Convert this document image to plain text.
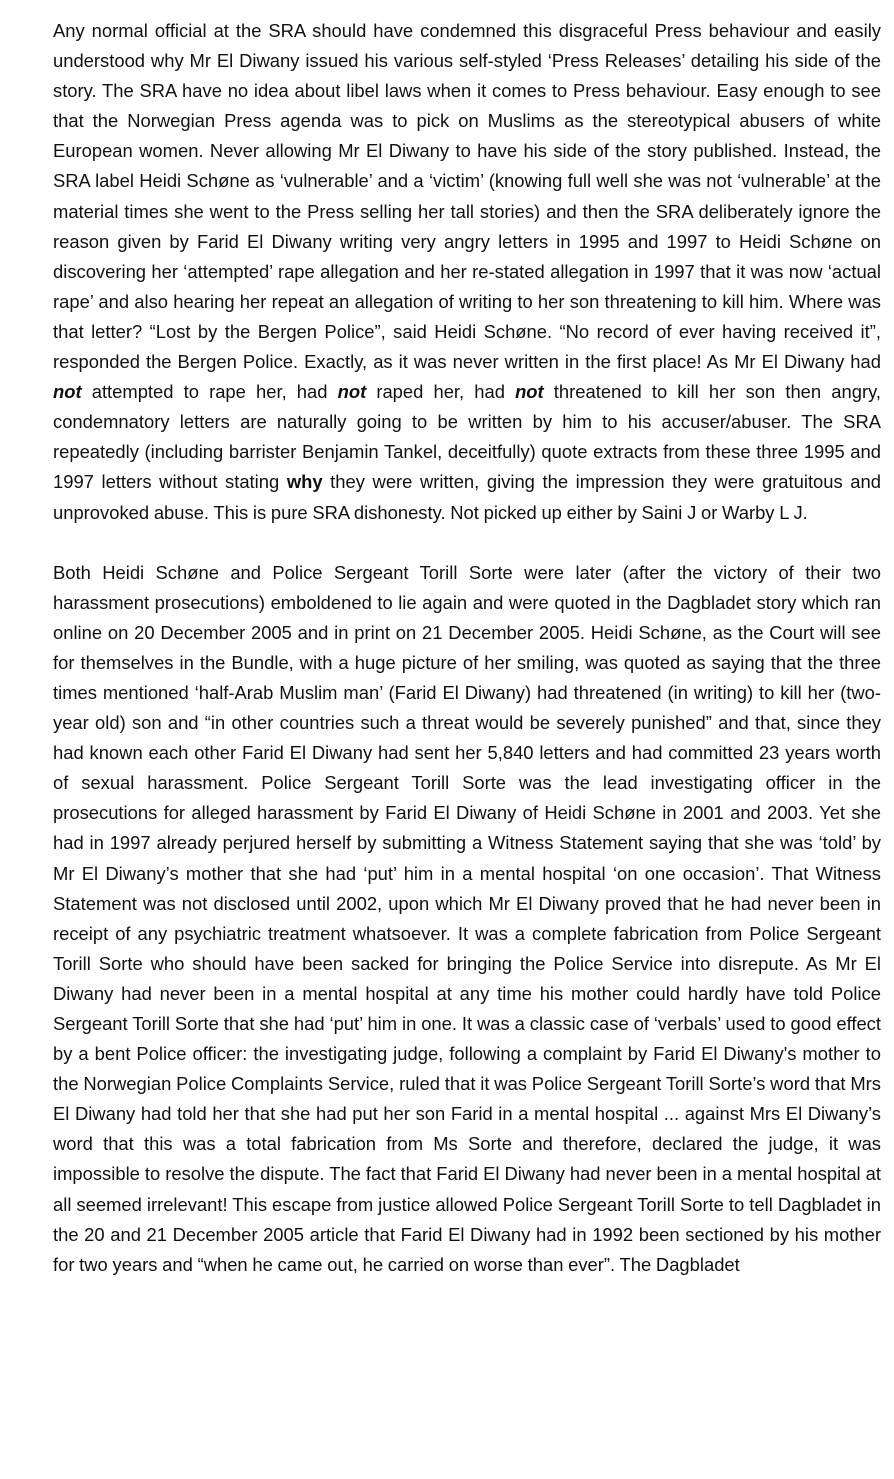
Any normal official at the SRA should have condemned this disgraceful Press behaviour and easily understood why Mr El Diwany issued his various self-styled ‘Press Releases’ detailing his side of the story. The SRA have no idea about libel laws when it comes to Press behaviour. Easy enough to see that the Norwegian Press agenda was to pick on Muslims as the stereotypical abusers of white European women. Never allowing Mr El Diwany to have his side of the story published. Instead, the SRA label Heidi Schøne as ‘vulnerable’ and a ‘victim’ (knowing full well she was not ‘vulnerable’ at the material times she went to the Press selling her tall stories) and then the SRA deliberately ignore the reason given by Farid El Diwany writing very angry letters in 1995 and 1997 to Heidi Schøne on discovering her ‘attempted’ rape allegation and her re-stated allegation in 1997 that it was now ‘actual rape’ and also hearing her repeat an allegation of writing to her son threatening to kill him. Where was that letter? “Lost by the Bergen Police”, said Heidi Schøne. “No record of ever having received it”, responded the Bergen Police. Exactly, as it was never written in the first place! As Mr El Diwany had not attempted to rape her, had not raped her, had not threatened to kill her son then angry, condemnatory letters are naturally going to be written by him to his accuser/abuser. The SRA repeatedly (including barrister Benjamin Tankel, deceitfully) quote extracts from these three 1995 and 1997 letters without stating why they were written, giving the impression they were gratuitous and unprovoked abuse. This is pure SRA dishonesty. Not picked up either by Saini J or Warby L J.

Both Heidi Schøne and Police Sergeant Torill Sorte were later (after the victory of their two harassment prosecutions) emboldened to lie again and were quoted in the Dagbladet story which ran online on 20 December 2005 and in print on 21 December 2005. Heidi Schøne, as the Court will see for themselves in the Bundle, with a huge picture of her smiling, was quoted as saying that the three times mentioned ‘half-Arab Muslim man’ (Farid El Diwany) had threatened (in writing) to kill her (two-year old) son and “in other countries such a threat would be severely punished” and that, since they had known each other Farid El Diwany had sent her 5,840 letters and had committed 23 years worth of sexual harassment. Police Sergeant Torill Sorte was the lead investigating officer in the prosecutions for alleged harassment by Farid El Diwany of Heidi Schøne in 2001 and 2003. Yet she had in 1997 already perjured herself by submitting a Witness Statement saying that she was ‘told’ by Mr El Diwany’s mother that she had ‘put’ him in a mental hospital ‘on one occasion’. That Witness Statement was not disclosed until 2002, upon which Mr El Diwany proved that he had never been in receipt of any psychiatric treatment whatsoever. It was a complete fabrication from Police Sergeant Torill Sorte who should have been sacked for bringing the Police Service into disrepute. As Mr El Diwany had never been in a mental hospital at any time his mother could hardly have told Police Sergeant Torill Sorte that she had ‘put’ him in one. It was a classic case of ‘verbals’ used to good effect by a bent Police officer: the investigating judge, following a complaint by Farid El Diwany's mother to the Norwegian Police Complaints Service, ruled that it was Police Sergeant Torill Sorte’s word that Mrs El Diwany had told her that she had put her son Farid in a mental hospital ... against Mrs El Diwany’s word that this was a total fabrication from Ms Sorte and therefore, declared the judge, it was impossible to resolve the dispute. The fact that Farid El Diwany had never been in a mental hospital at all seemed irrelevant! This escape from justice allowed Police Sergeant Torill Sorte to tell Dagbladet in the 20 and 21 December 2005 article that Farid El Diwany had in 1992 been sectioned by his mother for two years and “when he came out, he carried on worse than ever”. The Dagbladet
